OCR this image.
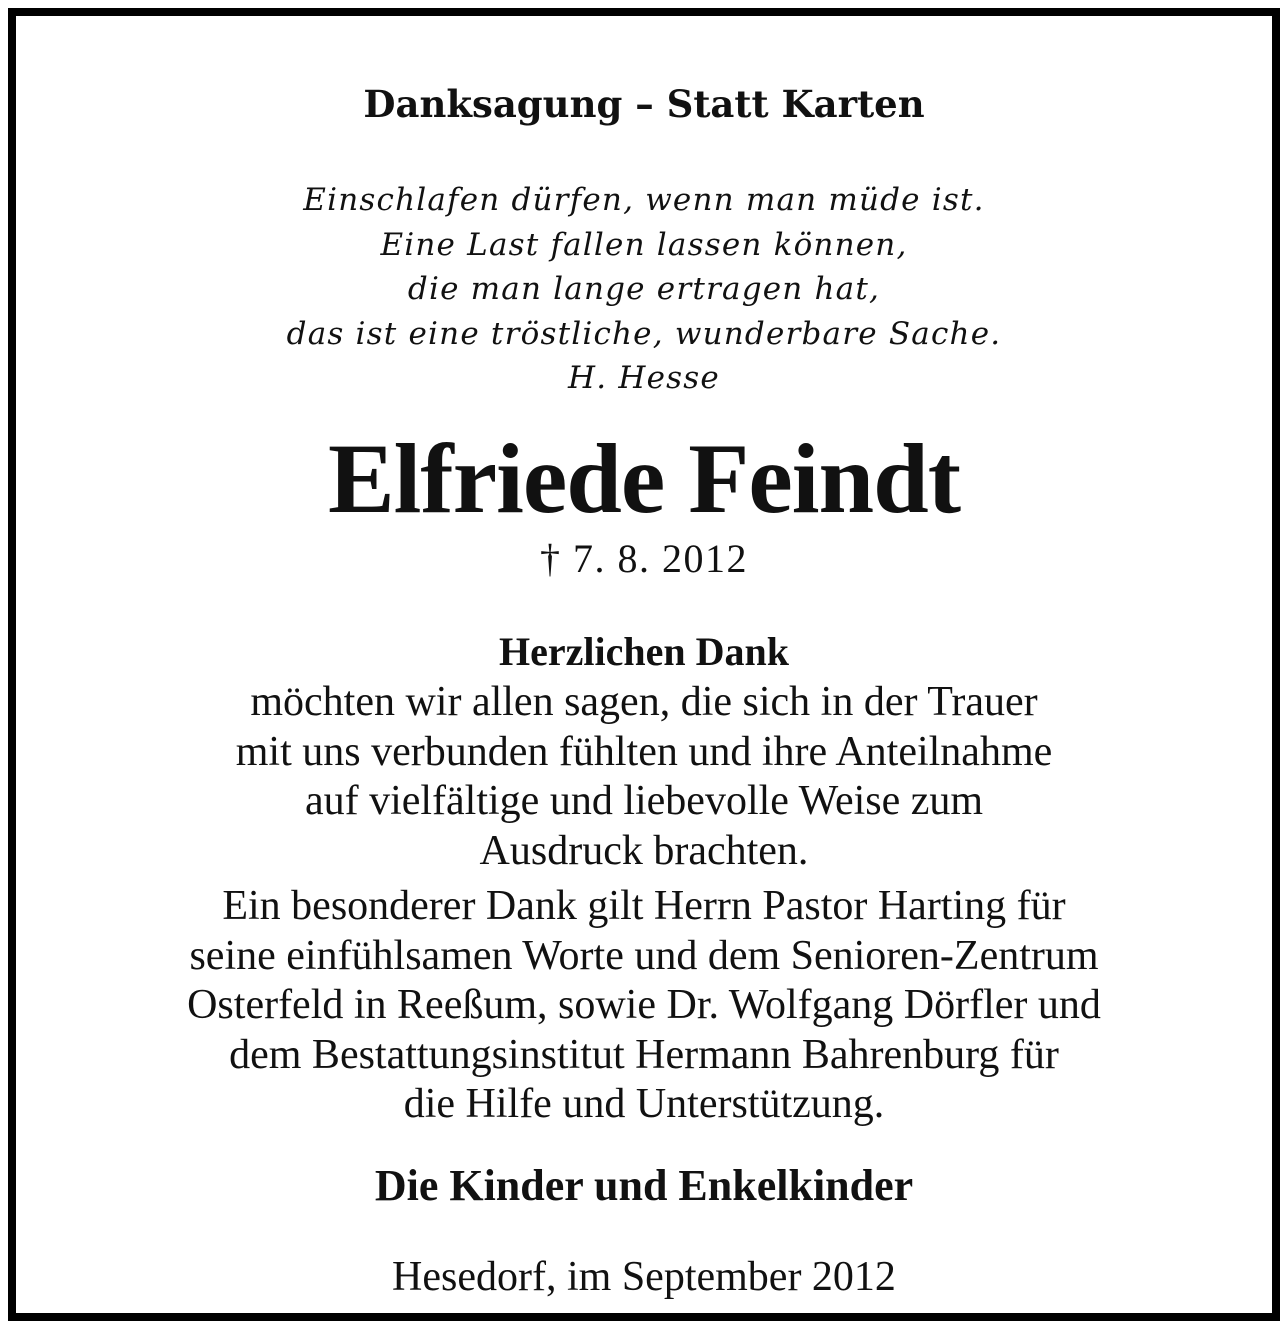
Danksagung – Statt Karten
Einschlafen dürfen, wenn man müde ist.
Eine Last fallen lassen können,
die man lange ertragen hat,
das ist eine tröstliche, wunderbare Sache.
H. Hesse
Elfriede Feindt
† 7. 8. 2012
Herzlichen Dank
möchten wir allen sagen, die sich in der Trauer
mit uns verbunden fühlten und ihre Anteilnahme
auf vielfältige und liebevolle Weise zum
Ausdruck brachten.
Ein besonderer Dank gilt Herrn Pastor Harting für
seine einfühlsamen Worte und dem Senioren-Zentrum
Osterfeld in Reeßum, sowie Dr. Wolfgang Dörfler und
dem Bestattungsinstitut Hermann Bahrenburg für
die Hilfe und Unterstützung.
Die Kinder und Enkelkinder
Hesedorf, im September 2012
